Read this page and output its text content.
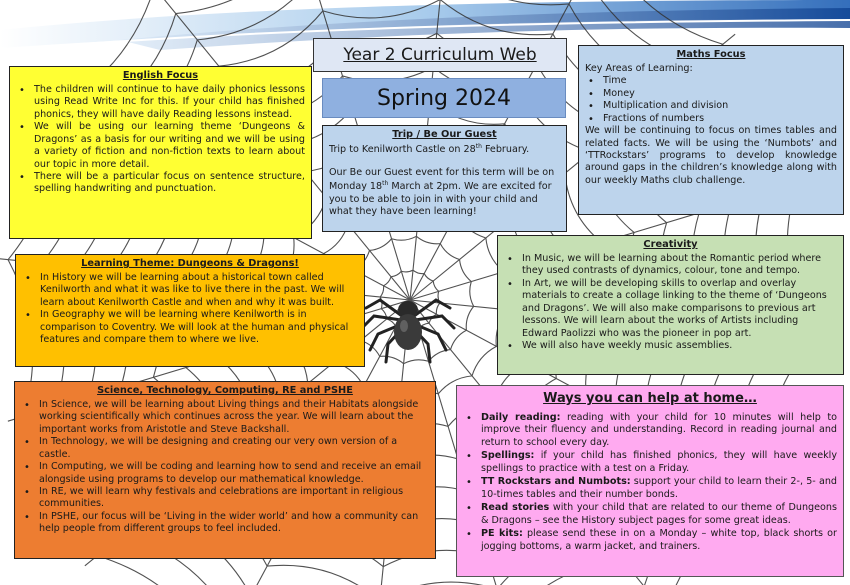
Year 2 Curriculum Web
Spring 2024
English Focus
• The children will continue to have daily phonics lessons using Read Write Inc for this. If your child has finished phonics, they will have daily Reading lessons instead.
• We will be using our learning theme ‘Dungeons & Dragons’ as a basis for our writing and we will be using a variety of fiction and non-fiction texts to learn about our topic in more detail.
• There will be a particular focus on sentence structure, spelling handwriting and punctuation.
Maths Focus
Key Areas of Learning:
• Time
• Money
• Multiplication and division
• Fractions of numbers
We will be continuing to focus on times tables and related facts. We will be using the ‘Numbots’ and ‘TTRockstars’ programs to develop knowledge around gaps in the children’s knowledge along with our weekly Maths club challenge.
Trip / Be Our Guest
Trip to Kenilworth Castle on 28th February.
Our Be our Guest event for this term will be on Monday 18th March at 2pm. We are excited for you to be able to join in with your child and what they have been learning!
Learning Theme: Dungeons & Dragons!
• In History we will be learning about a historical town called Kenilworth and what it was like to live there in the past. We will learn about Kenilworth Castle and when and why it was built.
• In Geography we will be learning where Kenilworth is in comparison to Coventry. We will look at the human and physical features and compare them to where we live.
Creativity
• In Music, we will be learning about the Romantic period where they used contrasts of dynamics, colour, tone and tempo.
• In Art, we will be developing skills to overlap and overlay materials to create a collage linking to the theme of ‘Dungeons and Dragons’. We will also make comparisons to previous art lessons. We will learn about the works of Artists including Edward Paolizzi who was the pioneer in pop art.
• We will also have weekly music assemblies.
Science, Technology, Computing, RE and PSHE
• In Science, we will be learning about Living things and their Habitats alongside working scientifically which continues across the year. We will learn about the important works from Aristotle and Steve Backshall.
• In Technology, we will be designing and creating our very own version of a castle.
• In Computing, we will be coding and learning how to send and receive an email alongside using programs to develop our mathematical knowledge.
• In RE, we will learn why festivals and celebrations are important in religious communities.
• In PSHE, our focus will be ‘Living in the wider world’ and how a community can help people from different groups to feel included.
Ways you can help at home…
• Daily reading: reading with your child for 10 minutes will help to improve their fluency and understanding. Record in reading journal and return to school every day.
• Spellings: if your child has finished phonics, they will have weekly spellings to practice with a test on a Friday.
• TT Rockstars and Numbots: support your child to learn their 2-, 5- and 10-times tables and their number bonds.
• Read stories with your child that are related to our theme of Dungeons & Dragons – see the History subject pages for some great ideas.
• PE kits: please send these in on a Monday – white top, black shorts or jogging bottoms, a warm jacket, and trainers.
